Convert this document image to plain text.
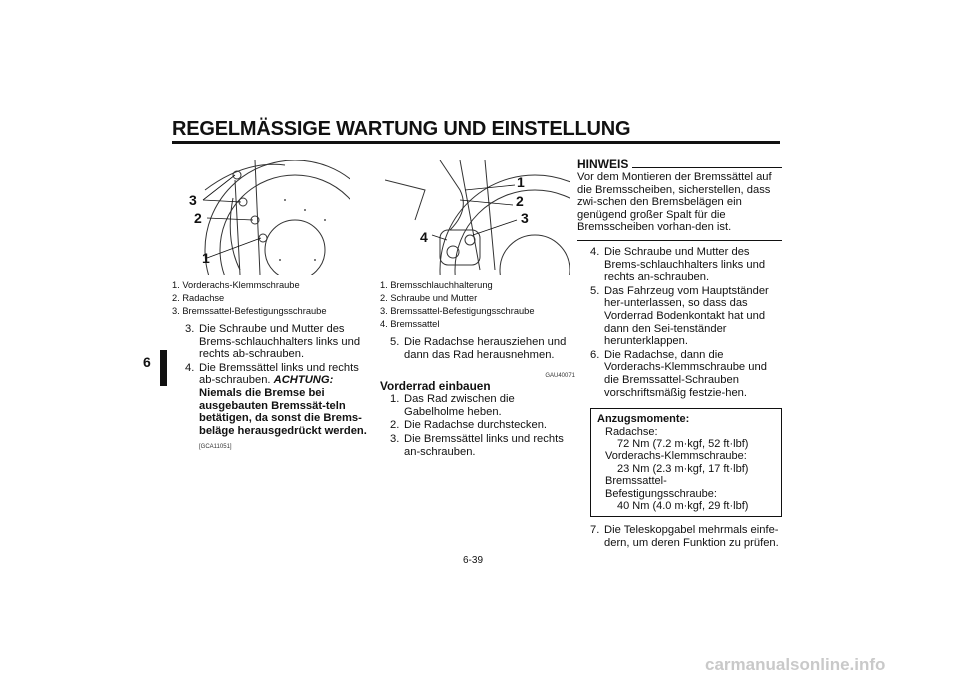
REGELMÄSSIGE WARTUNG UND EINSTELLUNG
6
3
2
1
1. Vorderachs-Klemmschraube
2. Radachse
3. Bremssattel-Befestigungsschraube
3. Die Schraube und Mutter des Brems-schlauchhalters links und rechts ab-schrauben.
4. Die Bremssättel links und rechts ab-schrauben. ACHTUNG: Niemals die Bremse bei ausgebauten Bremssät-teln betätigen, da sonst die Brems-beläge herausgedrückt werden.
[GCA11051]
1
2
3
4
1. Bremsschlauchhalterung
2. Schraube und Mutter
3. Bremssattel-Befestigungsschraube
4. Bremssattel
5. Die Radachse herausziehen und dann das Rad herausnehmen.
GAU40071
Vorderrad einbauen
1. Das Rad zwischen die Gabelholme heben.
2. Die Radachse durchstecken.
3. Die Bremssättel links und rechts an-schrauben.
HINWEIS
Vor dem Montieren der Bremssättel auf die Bremsscheiben, sicherstellen, dass zwi-schen den Bremsbelägen ein genügend großer Spalt für die Bremsscheiben vorhan-den ist.
4. Die Schraube und Mutter des Brems-schlauchhalters links und rechts an-schrauben.
5. Das Fahrzeug vom Hauptständer her-unterlassen, so dass das Vorderrad Bodenkontakt hat und dann den Sei-tenständer herunterklappen.
6. Die Radachse, dann die Vorderachs-Klemmschraube und die Bremssattel-Schrauben vorschriftsmäßig festzie-hen.
Anzugsmomente:
Radachse:
72 Nm (7.2 m·kgf, 52 ft·lbf)
Vorderachs-Klemmschraube:
23 Nm (2.3 m·kgf, 17 ft·lbf)
Bremssattel-Befestigungsschraube:
40 Nm (4.0 m·kgf, 29 ft·lbf)
7. Die Teleskopgabel mehrmals einfe-dern, um deren Funktion zu prüfen.
6-39
carmanualsonline.info
